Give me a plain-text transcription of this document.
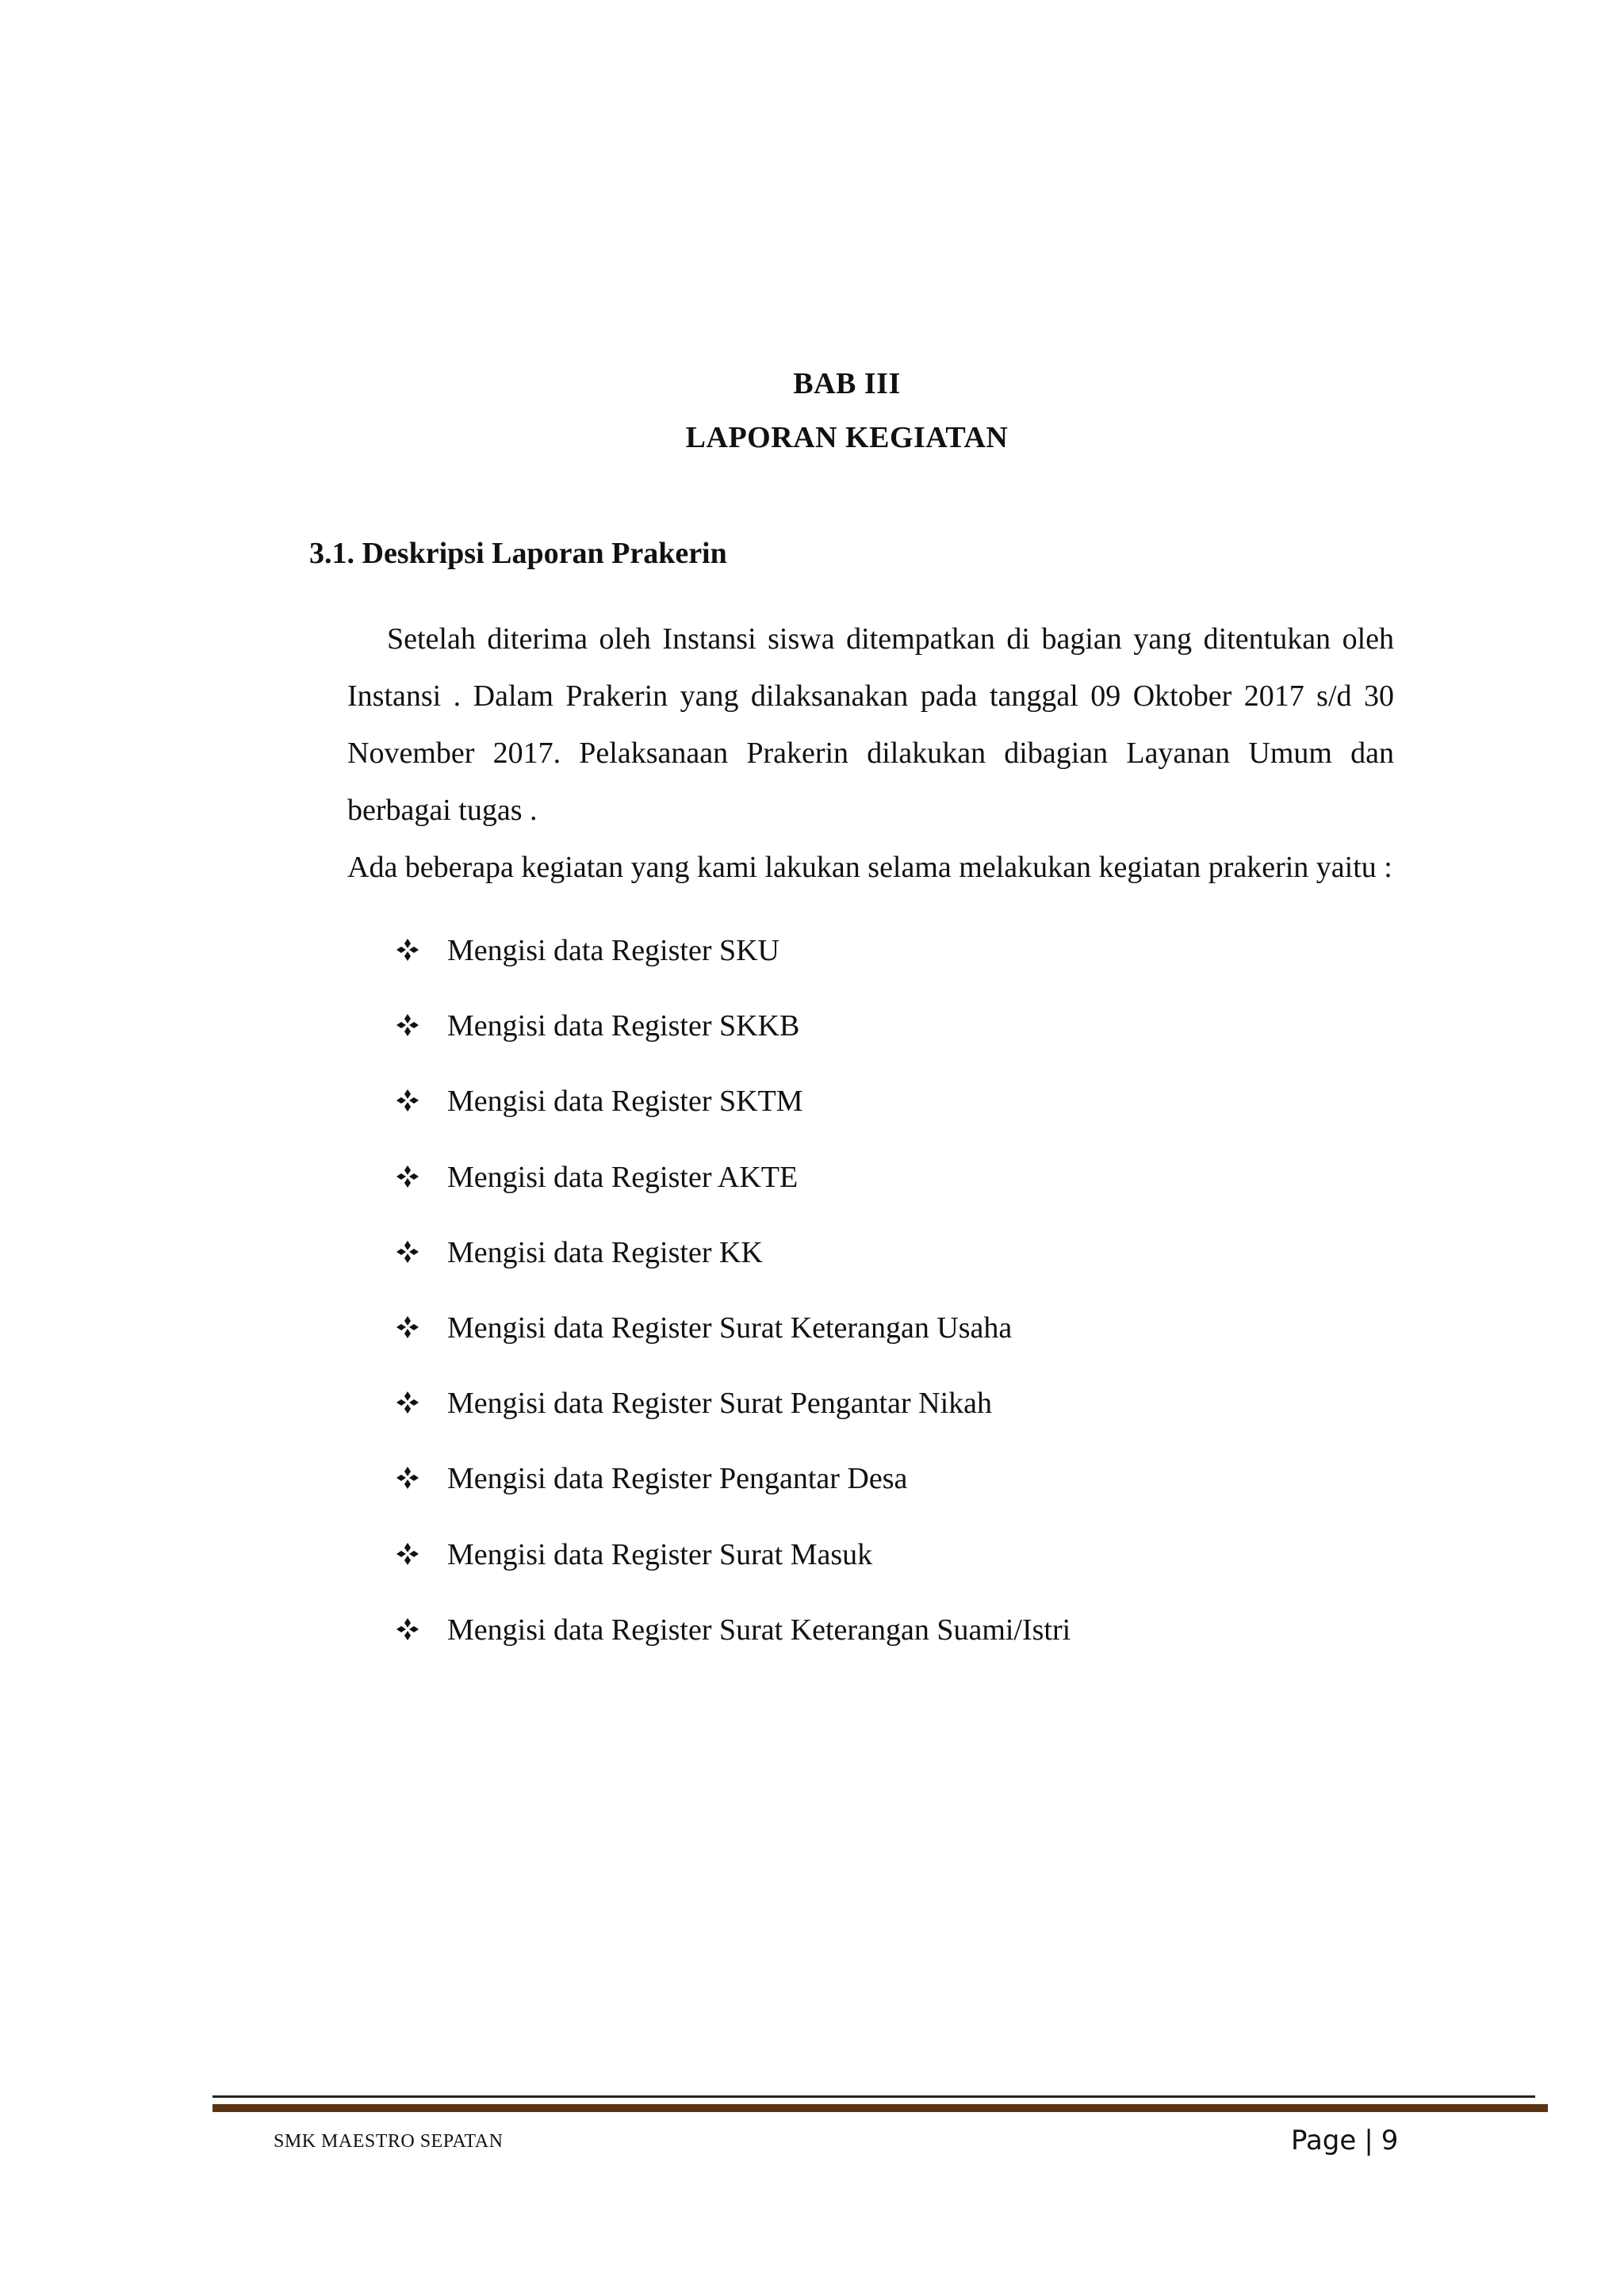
BAB III
LAPORAN KEGIATAN
3.1. Deskripsi Laporan Prakerin

Setelah diterima oleh Instansi siswa ditempatkan di bagian yang ditentukan oleh Instansi . Dalam Prakerin yang dilaksanakan pada tanggal 09 Oktober 2017 s/d 30 November 2017. Pelaksanaan Prakerin dilakukan dibagian Layanan Umum dan berbagai tugas .

Ada beberapa kegiatan yang kami lakukan selama melakukan kegiatan prakerin yaitu :

Mengisi data Register SKU
Mengisi data Register SKKB
Mengisi data Register SKTM
Mengisi data Register AKTE
Mengisi data Register KK
Mengisi data Register Surat Keterangan Usaha
Mengisi data Register Surat Pengantar Nikah
Mengisi data Register Pengantar Desa
Mengisi data Register Surat Masuk
Mengisi data Register Surat Keterangan Suami/Istri
SMK MAESTRO SEPATAN	Page | 9
